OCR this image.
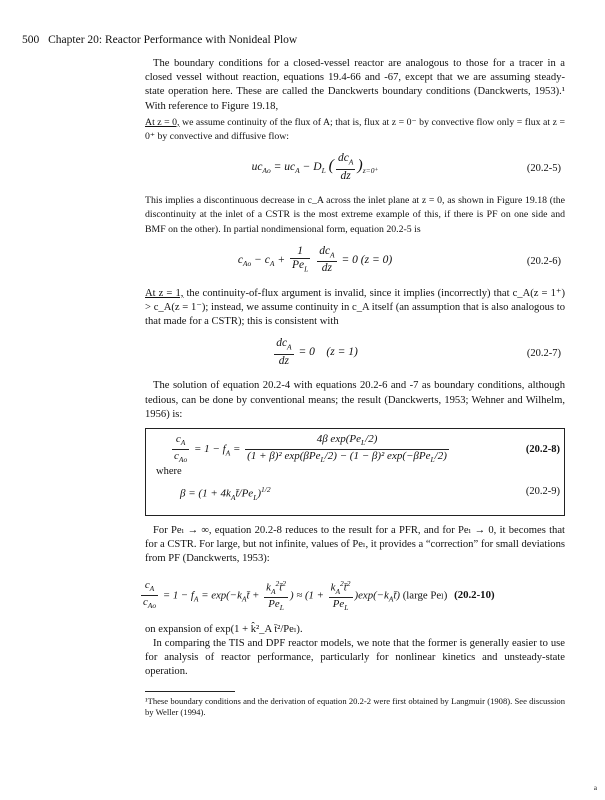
500 Chapter 20: Reactor Performance with Nonideal Plow

The boundary conditions for a closed-vessel reactor are analogous to those for a tracer in a closed vessel without reaction, equations 19.4-66 and -67, except that we are assuming steady-state operation here. These are called the Danckwerts boundary conditions (Danckwerts, 1953).¹ With reference to Figure 19.18,

At z = 0, we assume continuity of the flux of A; that is, flux at z = 0⁻ by convective flow only = flux at z = 0⁺ by convective and diffusive flow:

$uc_{Ao} = uc_A - D_L$ ( $\frac{dc_A}{dz} )_{z=0^+}$	(20.2-5)

This implies a discontinuous decrease in c_A across the inlet plane at z = 0, as shown in Figure 19.18 (the discontinuity at the inlet of a CSTR is the most extreme example of this, if there is PF on one side and BMF on the other). In partial nondimensional form, equation 20.2-5 is

$c_{Ao} - c_A + \frac{1}{Pe_L}$
$\frac{dc_A}{dz} = 0$ (z = 0)	(20.2-6)

At z = 1, the continuity-of-flux argument is invalid, since it implies (incorrectly) that c_A(z = 1⁺) > c_A(z = 1⁻); instead, we assume continuity in c_A itself (an assumption that is also analogous to that made for a CSTR); this is consistent with

$\frac{dc_A}{dz} = 0$    (z = 1)	(20.2-7)

The solution of equation 20.2-4 with equations 20.2-6 and -7 as boundary conditions, although tedious, can be done by conventional means; the result (Danckwerts, 1953; Wehner and Wilhelm, 1956) is:

$\frac{c_A}{c_{Ao}} = 1 - f_A = \frac{4\beta \exp(Pe_L/2)}{(1 + \beta)^2 \exp(\beta Pe_L/2) - (1 - \beta)^2 \exp(-\beta Pe_L/2)}$	(20.2-8)
where
$\beta = (1 + 4k_At̄/Pe_L)^{1/2}$	(20.2-9)

For Peₗ → ∞, equation 20.2-8 reduces to the result for a PFR, and for Peₗ → 0, it becomes that for a CSTR. For large, but not infinite, values of Peₗ, it provides a “correction” for small deviations from PF (Danckwerts, 1953):

$\frac{c_A}{c_{Ao}} = 1 - f_A$ = $\exp(-k_At̄ + \frac{k_A^2t̄^2}{Pe_L}$ ) ≈ ($1 + \frac{k_A^2t̄^2}{Pe_L}$ )$\exp(-k_At̄)$ (large Peₗ) (20.2-10)

on expansion of exp(1 + k̂²_A t̄²/Peₗ).

In comparing the TIS and DPF reactor models, we note that the former is generally easier to use for analysis of reactor performance, particularly for nonlinear kinetics and unsteady-state operation.

¹These boundary conditions and the derivation of equation 20.2-2 were first obtained by Langmuir (1908). See discussion by Weller (1994).

a
